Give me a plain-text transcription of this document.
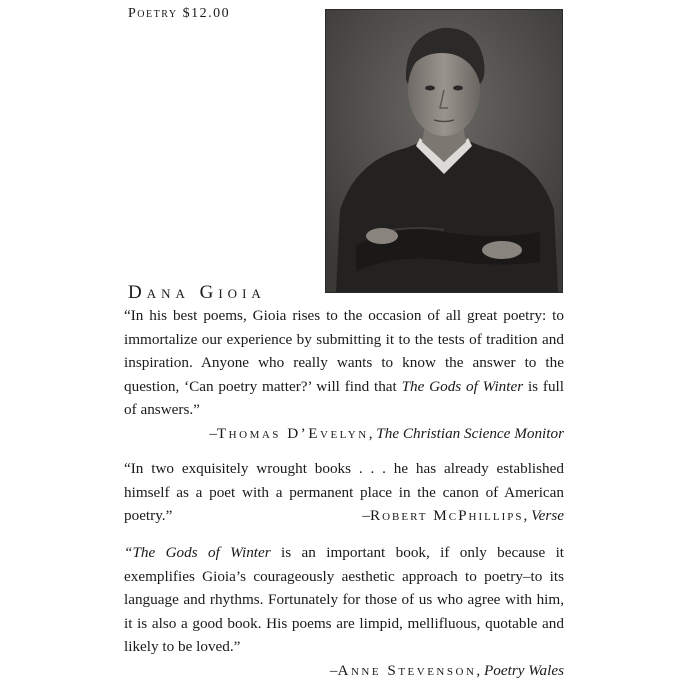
Poetry $12.00
Dana Gioia

“In his best poems, Gioia rises to the occasion of all great poetry: to immortalize our experience by submitting it to the tests of tradition and inspiration. Anyone who really wants to know the answer to the question, ‘Can poetry matter?’ will find that The Gods of Winter is full of answers.”

–Thomas D’Evelyn, The Christian Science Monitor

“In two exquisitely wrought books . . . he has already established himself as a poet with a permanent place in the canon of American poetry.”	–Robert McPhillips, Verse

“The Gods of Winter is an important book, if only because it exemplifies Gioia’s courageously aesthetic approach to poetry–to its language and rhythms. Fortunately for those of us who agree with him, it is also a good book. His poems are limpid, mellifluous, quotable and likely to be loved.”

–Anne Stevenson, Poetry Wales
